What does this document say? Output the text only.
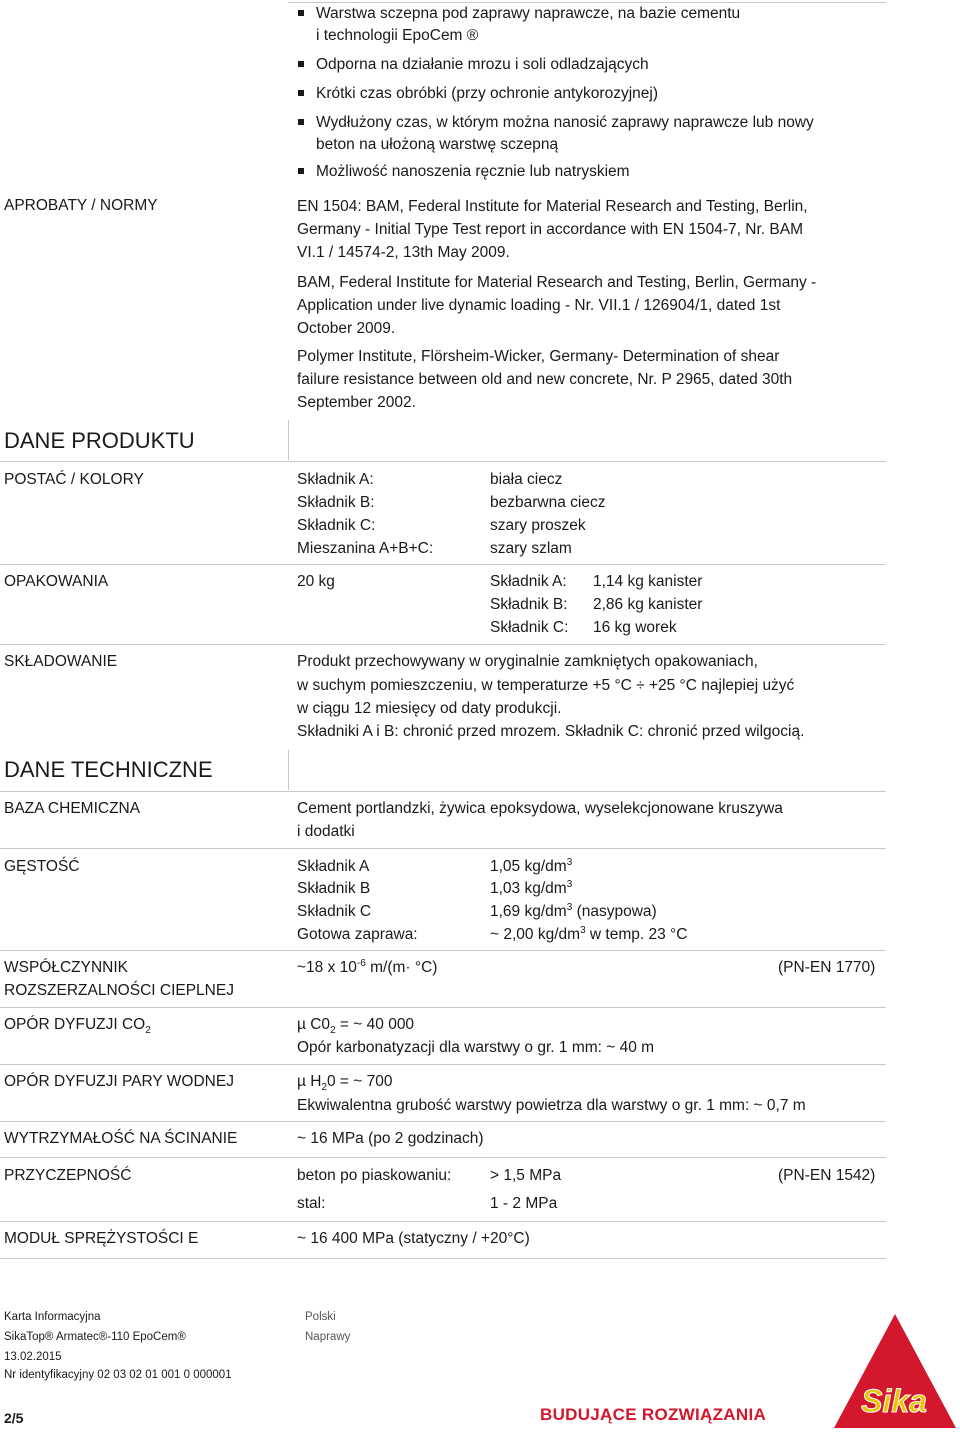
Warstwa sczepna pod zaprawy naprawcze, na bazie cementu
i technologii EpoCem ®
Odporna na działanie mrozu i soli odladzających
Krótki czas obróbki (przy ochronie antykorozyjnej)
Wydłużony czas, w którym można nanosić zaprawy naprawcze lub nowy
beton na ułożoną warstwę sczepną
Możliwość nanoszenia ręcznie lub natryskiem
APROBATY / NORMY	EN 1504: BAM, Federal Institute for Material Research and Testing, Berlin,
Germany - Initial Type Test report in accordance with EN 1504-7, Nr. BAM
VI.1 / 14574-2, 13th May 2009.
BAM, Federal Institute for Material Research and Testing, Berlin, Germany -
Application under live dynamic loading - Nr. VII.1 / 126904/1, dated 1st
October 2009.
Polymer Institute, Flörsheim-Wicker, Germany- Determination of shear
failure resistance between old and new concrete, Nr. P 2965, dated 30th
September 2002.
DANE PRODUKTU
POSTAĆ / KOLORY	Składnik A:	biała ciecz
Składnik B:	bezbarwna ciecz
Składnik C:	szary proszek
Mieszanina A+B+C:	szary szlam
OPAKOWANIA	20 kg	Składnik A: 1,14 kg kanister
Składnik B: 2,86 kg kanister
Składnik C: 16 kg worek
SKŁADOWANIE	Produkt przechowywany w oryginalnie zamkniętych opakowaniach,
w suchym pomieszczeniu, w temperaturze +5 °C ÷ +25 °C najlepiej użyć
w ciągu 12 miesięcy od daty produkcji.
Składniki A i B: chronić przed mrozem. Składnik C: chronić przed wilgocią.
DANE TECHNICZNE
BAZA CHEMICZNA	Cement portlandzki, żywica epoksydowa, wyselekcjonowane kruszywa
i dodatki
GĘSTOŚĆ	Składnik A	1,05 $kg/dm^3$
Składnik B	1,03 $kg/dm^3$
Składnik C	1,69 $kg/dm^3$ (nasypowa)
Gotowa zaprawa:	~ 2,00 $kg/dm^3$ w temp. 23 °C
WSPÓŁCZYNNIK
ROZSZERZALNOŚCI CIEPLNEJ
~18 x $10^{-6}$ m/(m· °C)	(PN-EN 1770)
OPÓR DYFUZJI $CO_2$	µ $C0_2$ = ~ 40 000
Opór karbonatyzacji dla warstwy o gr. 1 mm: ~ 40 m
OPÓR DYFUZJI PARY WODNEJ	µ $H_20$ = ~ 700
Ekwiwalentna grubość warstwy powietrza dla warstwy o gr. 1 mm: ~ 0,7 m
WYTRZYMAŁOŚĆ NA ŚCINANIE	~ 16 MPa (po 2 godzinach)
PRZYCZEPNOŚĆ	beton po piaskowaniu: > 1,5 MPa	(PN-EN 1542)
stal:	1 - 2 MPa
MODUŁ SPRĘŻYSTOŚCI E	~ 16 400 MPa (statyczny / +20°C)
Karta Informacyjna
SikaTop® Armatec®-110 EpoCem®
13.02.2015
Nr identyfikacyjny 02 03 02 01 001 0 000001
Polski
Naprawy
2/5	BUDUJĄCE ROZWIĄZANIA	Sika
